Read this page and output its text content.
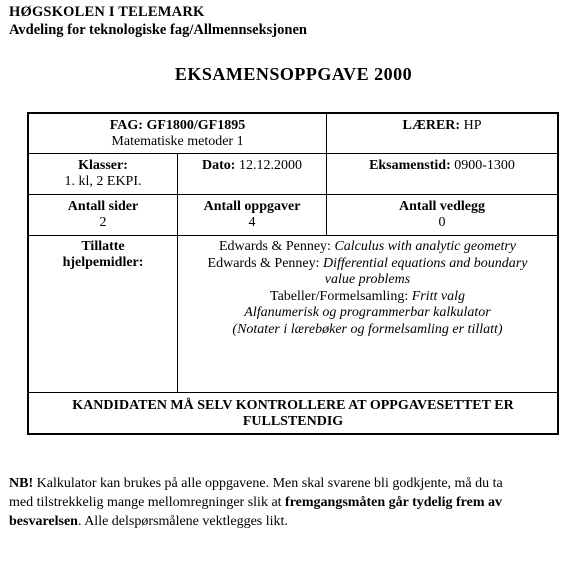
HØGSKOLEN I TELEMARK
Avdeling for teknologiske fag/Allmennseksjonen
EKSAMENSOPPGAVE 2000
FAG: GF1800/GF1895
Matematiske metoder 1
LÆRER: HP
Klasser:
1. kl, 2 EKPI.
Dato: 12.12.2000	Eksamenstid: 0900-1300
Antall sider
2
Antall oppgaver
4
Antall vedlegg
0
Tillatte
hjelpemidler:
Edwards & Penney: Calculus with analytic geometry
Edwards & Penney: Differential equations and boundary
value problems
Tabeller/Formelsamling: Fritt valg
Alfanumerisk og programmerbar kalkulator
(Notater i lærebøker og formelsamling er tillatt)
KANDIDATEN MÅ SELV KONTROLLERE AT OPPGAVESETTET ER
FULLSTENDIG
NB! Kalkulator kan brukes på alle oppgavene. Men skal svarene bli godkjente, må du ta
med tilstrekkelig mange mellomregninger slik at fremgangsmåten går tydelig frem av
besvarelsen. Alle delspørsmålene vektlegges likt.
